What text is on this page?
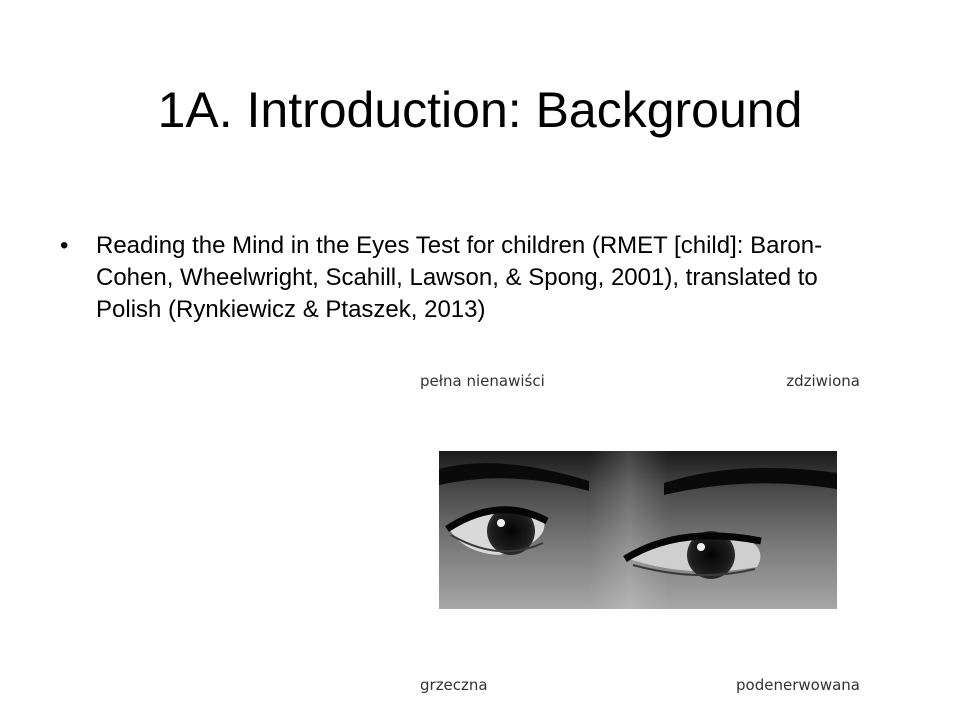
1A. Introduction: Background
• Reading the Mind in the Eyes Test for children (RMET [child]: Baron-Cohen, Wheelwright, Scahill, Lawson, & Spong, 2001), translated to Polish (Rynkiewicz & Ptaszek, 2013)
pełna nienawiści	zdziwiona
grzeczna	podenerwowana
